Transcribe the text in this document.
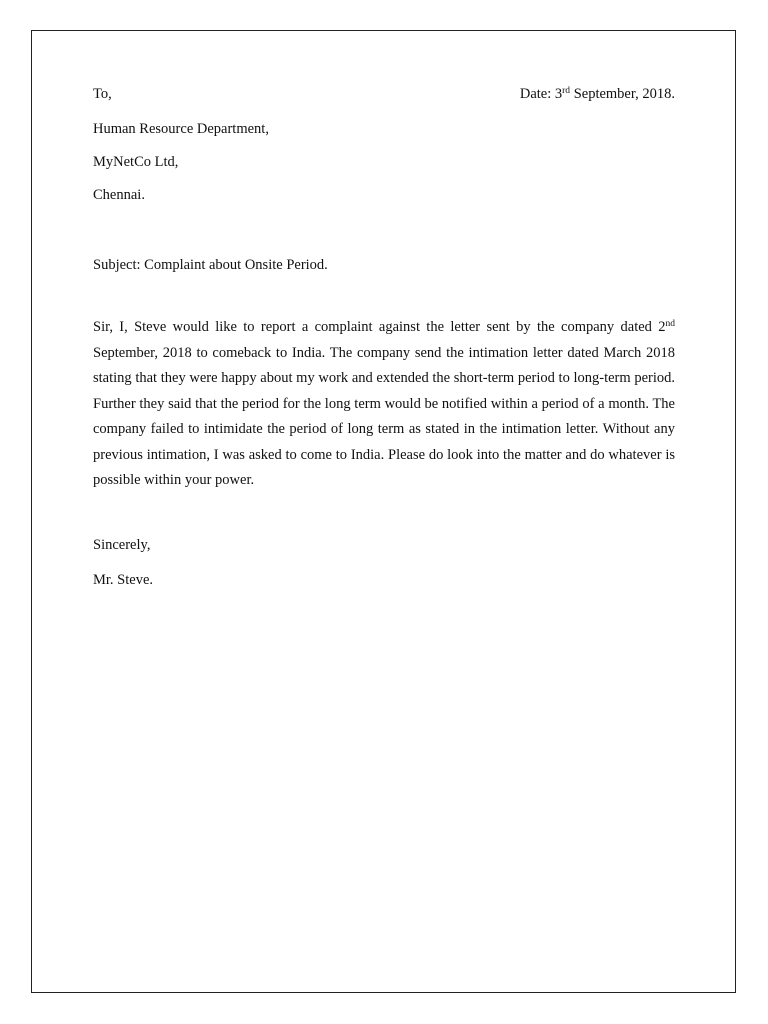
To,	Date: 3rd September, 2018.
Human Resource Department,
MyNetCo Ltd,
Chennai.
Subject: Complaint about Onsite Period.

Sir, I, Steve would like to report a complaint against the letter sent by the company dated 2nd September, 2018 to comeback to India. The company send the intimation letter dated March 2018 stating that they were happy about my work and extended the short-term period to long-term period. Further they said that the period for the long term would be notified within a period of a month. The company failed to intimidate the period of long term as stated in the intimation letter. Without any previous intimation, I was asked to come to India. Please do look into the matter and do whatever is possible within your power.

Sincerely,
Mr. Steve.
